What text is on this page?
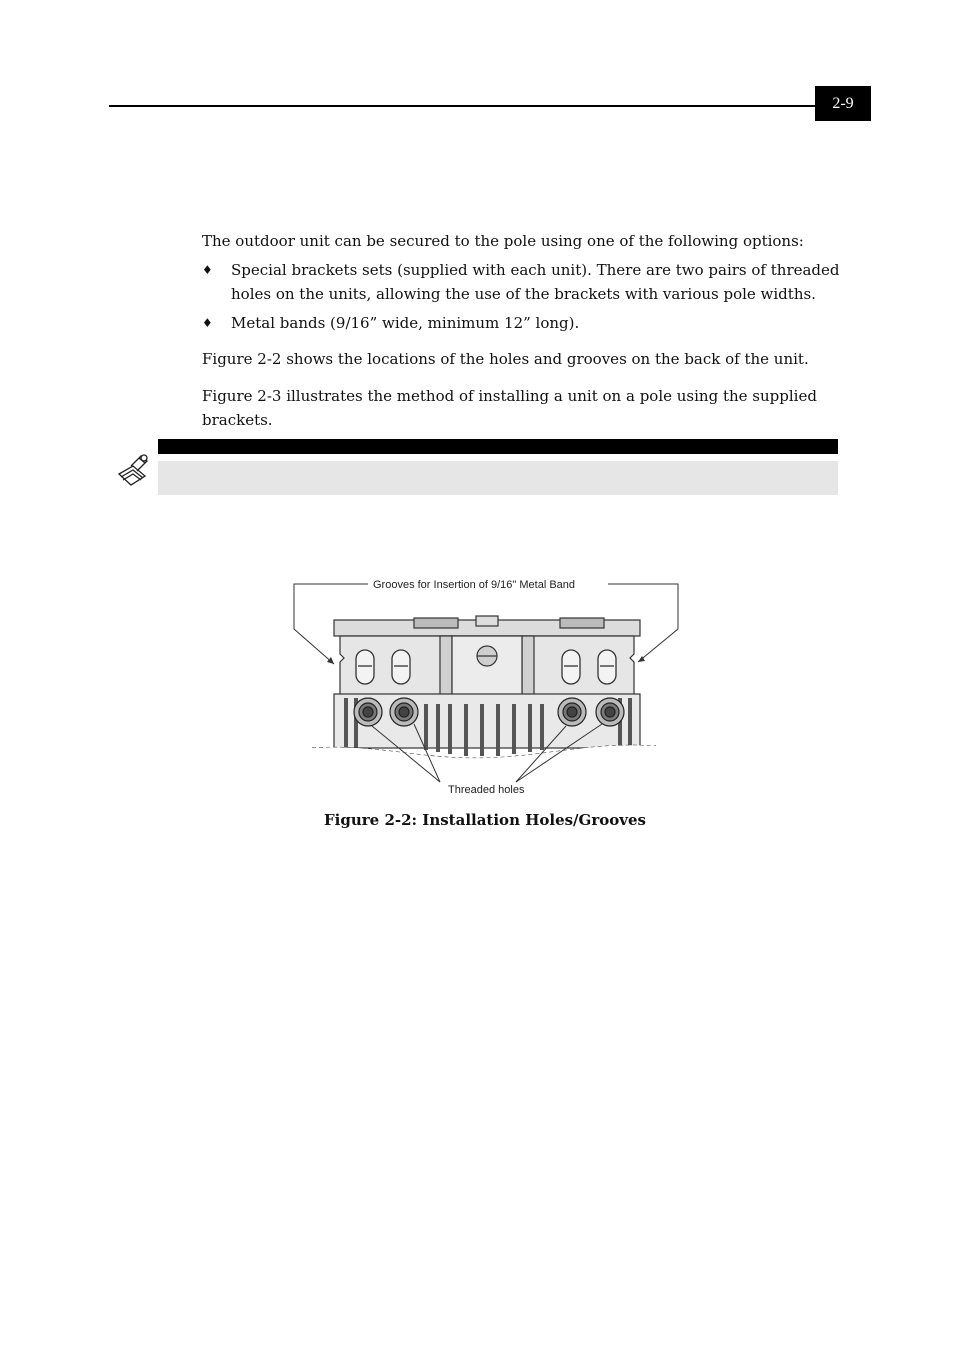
2-9

The outdoor unit can be secured to the pole using one of the following options:

♦ Special brackets sets (supplied with each unit). There are two pairs of threaded holes on the units, allowing the use of the brackets with various pole widths.
♦ Metal bands (9/16” wide, minimum 12” long).

Figure 2-2 shows the locations of the holes and grooves on the back of the unit.

Figure 2-3 illustrates the method of installing a unit on a pole using the supplied brackets.

Grooves for Insertion of 9/16" Metal Band
Threaded holes
Figure 2-2: Installation Holes/Grooves
